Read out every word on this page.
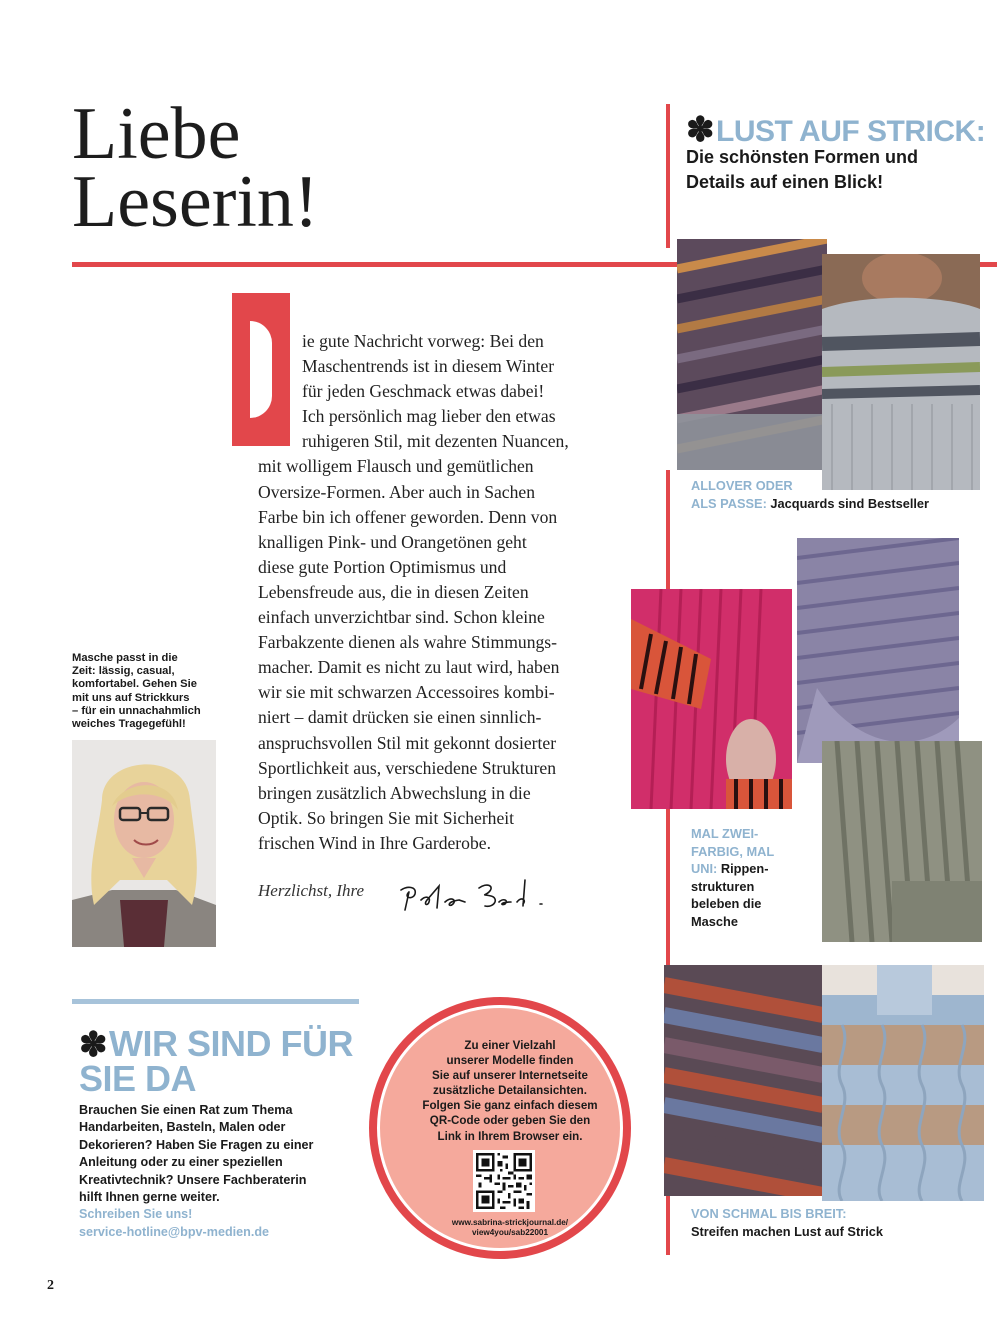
Liebe
Leserin!
✽LUST AUF STRICK:
Die schönsten Formen und
Details auf einen Blick!
ie gute Nachricht vorweg: Bei den
Maschentrends ist in diesem Winter
für jeden Geschmack etwas dabei!
Ich persönlich mag lieber den etwas
ruhigeren Stil, mit dezenten Nuancen,
mit wolligem Flausch und gemütlichen
Oversize-Formen. Aber auch in Sachen
Farbe bin ich offener geworden. Denn von
knalligen Pink- und Orangetönen geht
diese gute Portion Optimismus und
Lebensfreude aus, die in diesen Zeiten
einfach unverzichtbar sind. Schon kleine
Farbakzente dienen als wahre Stimmungs-
macher. Damit es nicht zu laut wird, haben
wir sie mit schwarzen Accessoires kombi-
niert – damit drücken sie einen sinnlich-
anspruchsvollen Stil mit gekonnt dosierter
Sportlichkeit aus, verschiedene Strukturen
bringen zusätzlich Abwechslung in die
Optik. So bringen Sie mit Sicherheit
frischen Wind in Ihre Garderobe.
Herzlichst, Ihre
Masche passt in die
Zeit: lässig, casual,
komfortabel. Gehen Sie
mit uns auf Strickkurs
– für ein unnachahmlich
weiches Tragegefühl!
✽WIR SIND FÜR
SIE DA
Brauchen Sie einen Rat zum Thema
Handarbeiten, Basteln, Malen oder
Dekorieren? Haben Sie Fragen zu einer
Anleitung oder zu einer speziellen
Kreativtechnik? Unsere Fachberaterin
hilft Ihnen gerne weiter.
Schreiben Sie uns!
service-hotline@bpv-medien.de
Zu einer Vielzahl
unserer Modelle finden
Sie auf unserer Internetseite
zusätzliche Detailansichten.
Folgen Sie ganz einfach diesem
QR-Code oder geben Sie den
Link in Ihrem Browser ein.
www.sabrina-strickjournal.de/
view4you/sab22001
ALLOVER ODER
ALS PASSE: Jacquards sind Bestseller
MAL ZWEI-
FARBIG, MAL
UNI: Rippen-
strukturen
beleben die
Masche
VON SCHMAL BIS BREIT:
Streifen machen Lust auf Strick
2
